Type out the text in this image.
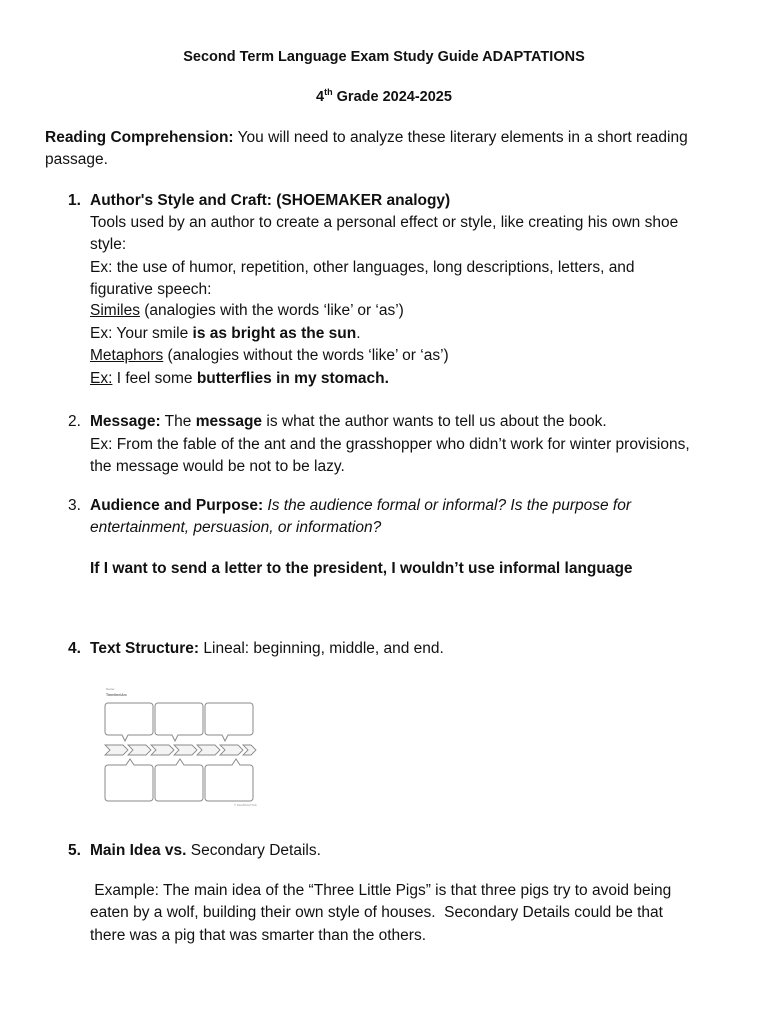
Second Term Language Exam Study Guide ADAPTATIONS
4th Grade 2024-2025
Reading Comprehension: You will need to analyze these literary elements in a short reading
passage.
1. Author's Style and Craft: (SHOEMAKER analogy)
Tools used by an author to create a personal effect or style, like creating his own shoe
style:
Ex: the use of humor, repetition, other languages, long descriptions, letters, and
figurative speech:
Similes (analogies with the words ‘like’ or ‘as’)
Ex: Your smile is as bright as the sun.
Metaphors (analogies without the words ‘like’ or ‘as’)
Ex: I feel some butterflies in my stomach.
2. Message: The message is what the author wants to tell us about the book.
Ex: From the fable of the ant and the grasshopper who didn’t work for winter provisions,
the message would be not to be lazy.
3. Audience and Purpose: Is the audience formal or informal? Is the purpose for
entertainment, persuasion, or information?
If I want to send a letter to the president, I wouldn’t use informal language
4. Text Structure: Lineal: beginning, middle, and end.
Name:
Timeline/Arc
© ReadWriteThink
5. Main Idea vs. Secondary Details.
Example: The main idea of the “Three Little Pigs” is that three pigs try to avoid being
eaten by a wolf, building their own style of houses.  Secondary Details could be that
there was a pig that was smarter than the others.
